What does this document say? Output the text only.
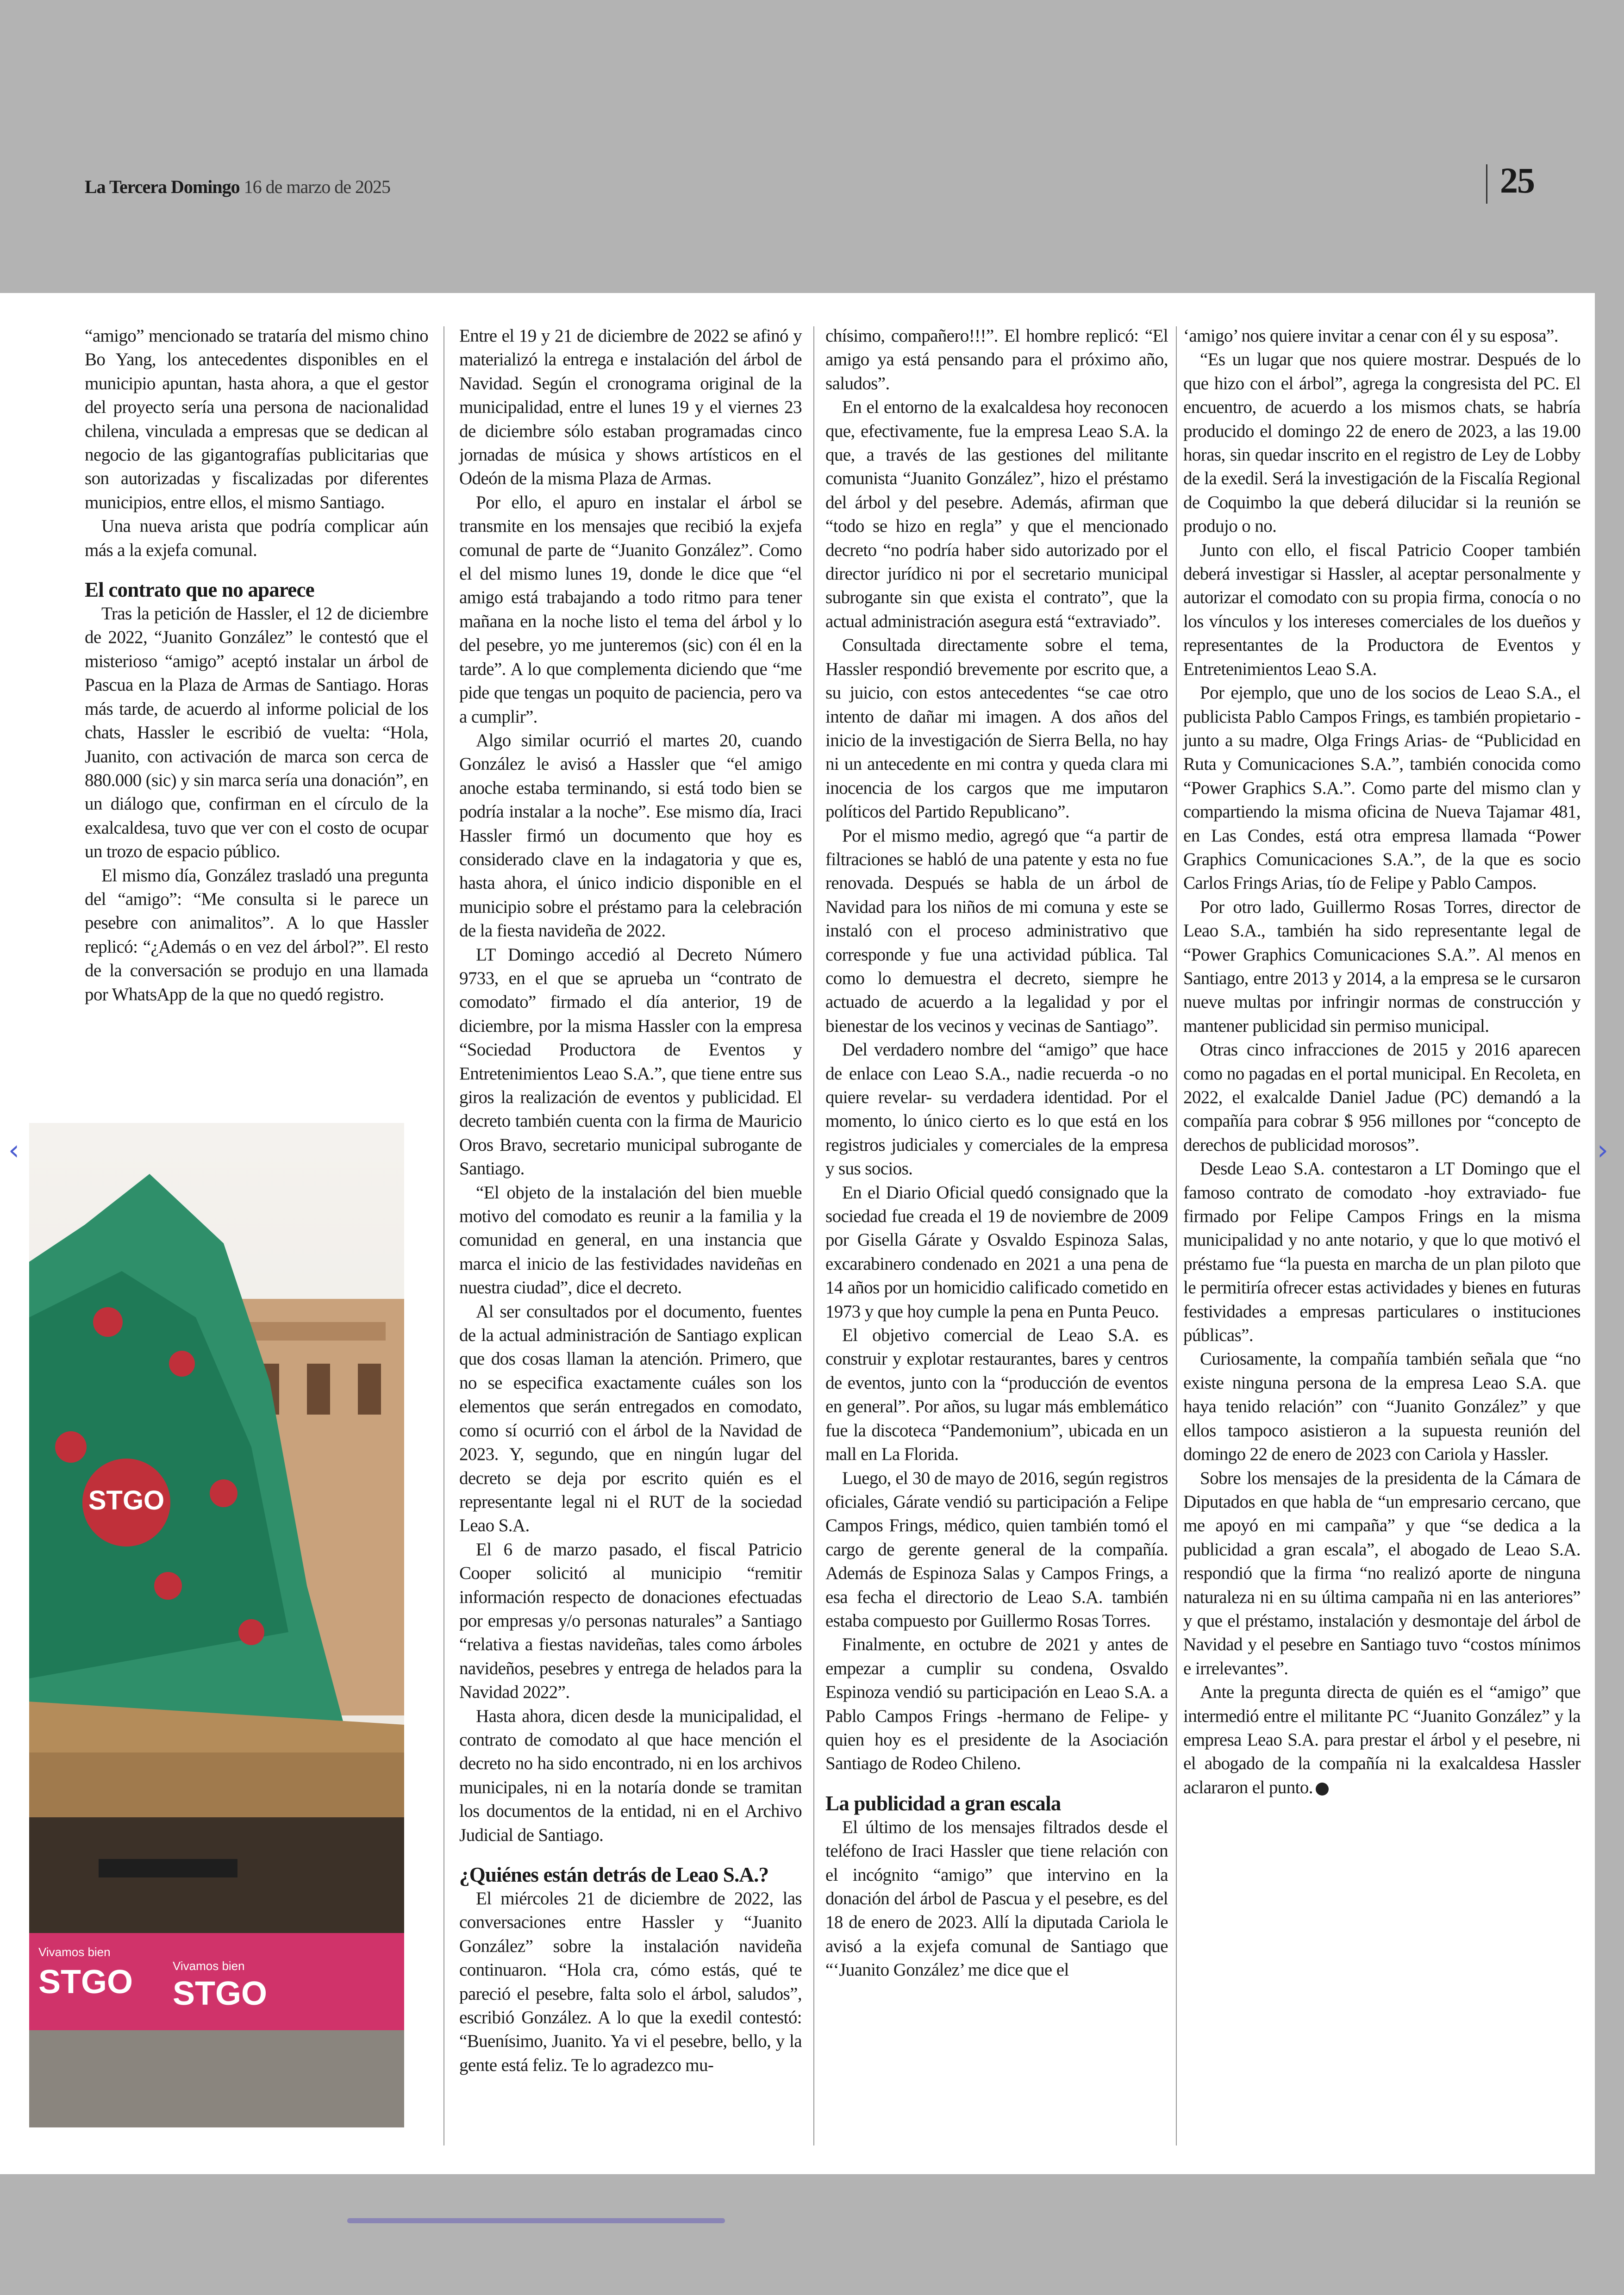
La Tercera Domingo 16 de marzo de 2025	25

“amigo” mencionado se trataría del mismo chino Bo Yang, los antecedentes disponibles en el municipio apuntan, hasta ahora, a que el gestor del proyecto sería una persona de nacionalidad chilena, vinculada a empresas que se dedican al negocio de las gigantografías publicitarias que son autorizadas y fiscalizadas por diferentes municipios, entre ellos, el mismo Santiago.

Una nueva arista que podría complicar aún más a la exjefa comunal.

El contrato que no aparece

Tras la petición de Hassler, el 12 de diciembre de 2022, “Juanito González” le contestó que el misterioso “amigo” aceptó instalar un árbol de Pascua en la Plaza de Armas de Santiago. Horas más tarde, de acuerdo al informe policial de los chats, Hassler le escribió de vuelta: “Hola, Juanito, con activación de marca son cerca de 880.000 (sic) y sin marca sería una donación”, en un diálogo que, confirman en el círculo de la exalcaldesa, tuvo que ver con el costo de ocupar un trozo de espacio público.

El mismo día, González trasladó una pregunta del “amigo”: “Me consulta si le parece un pesebre con animalitos”. A lo que Hassler replicó: “¿Además o en vez del árbol?”. El resto de la conversación se produjo en una llamada por WhatsApp de la que no quedó registro.

Entre el 19 y 21 de diciembre de 2022 se afinó y materializó la entrega e instalación del árbol de Navidad. Según el cronograma original de la municipalidad, entre el lunes 19 y el viernes 23 de diciembre sólo estaban programadas cinco jornadas de música y shows artísticos en el Odeón de la misma Plaza de Armas.

Por ello, el apuro en instalar el árbol se transmite en los mensajes que recibió la exjefa comunal de parte de “Juanito González”. Como el del mismo lunes 19, donde le dice que “el amigo está trabajando a todo ritmo para tener mañana en la noche listo el tema del árbol y lo del pesebre, yo me junteremos (sic) con él en la tarde”. A lo que complementa diciendo que “me pide que tengas un poquito de paciencia, pero va a cumplir”.

Algo similar ocurrió el martes 20, cuando González le avisó a Hassler que “el amigo anoche estaba terminando, si está todo bien se podría instalar a la noche”. Ese mismo día, Iraci Hassler firmó un documento que hoy es considerado clave en la indagatoria y que es, hasta ahora, el único indicio disponible en el municipio sobre el préstamo para la celebración de la fiesta navideña de 2022.

LT Domingo accedió al Decreto Número 9733, en el que se aprueba un “contrato de comodato” firmado el día anterior, 19 de diciembre, por la misma Hassler con la empresa “Sociedad Productora de Eventos y Entretenimientos Leao S.A.”, que tiene entre sus giros la realización de eventos y publicidad. El decreto también cuenta con la firma de Mauricio Oros Bravo, secretario municipal subrogante de Santiago.

“El objeto de la instalación del bien mueble motivo del comodato es reunir a la familia y la comunidad en general, en una instancia que marca el inicio de las festividades navideñas en nuestra ciudad”, dice el decreto.

Al ser consultados por el documento, fuentes de la actual administración de Santiago explican que dos cosas llaman la atención. Primero, que no se especifica exactamente cuáles son los elementos que serán entregados en comodato, como sí ocurrió con el árbol de la Navidad de 2023. Y, segundo, que en ningún lugar del decreto se deja por escrito quién es el representante legal ni el RUT de la sociedad Leao S.A.

El 6 de marzo pasado, el fiscal Patricio Cooper solicitó al municipio “remitir información respecto de donaciones efectuadas por empresas y/o personas naturales” a Santiago “relativa a fiestas navideñas, tales como árboles navideños, pesebres y entrega de helados para la Navidad 2022”.

Hasta ahora, dicen desde la municipalidad, el contrato de comodato al que hace mención el decreto no ha sido encontrado, ni en los archivos municipales, ni en la notaría donde se tramitan los documentos de la entidad, ni en el Archivo Judicial de Santiago.

¿Quiénes están detrás de Leao S.A.?

El miércoles 21 de diciembre de 2022, las conversaciones entre Hassler y “Juanito González” sobre la instalación navideña continuaron. “Hola cra, cómo estás, qué te pareció el pesebre, falta solo el árbol, saludos”, escribió González. A lo que la exedil contestó: “Buenísimo, Juanito. Ya vi el pesebre, bello, y la gente está feliz. Te lo agradezco mu-

chísimo, compañero!!!”. El hombre replicó: “El amigo ya está pensando para el próximo año, saludos”.

En el entorno de la exalcaldesa hoy reconocen que, efectivamente, fue la empresa Leao S.A. la que, a través de las gestiones del militante comunista “Juanito González”, hizo el préstamo del árbol y del pesebre. Además, afirman que “todo se hizo en regla” y que el mencionado decreto “no podría haber sido autorizado por el director jurídico ni por el secretario municipal subrogante sin que exista el contrato”, que la actual administración asegura está “extraviado”.

Consultada directamente sobre el tema, Hassler respondió brevemente por escrito que, a su juicio, con estos antecedentes “se cae otro intento de dañar mi imagen. A dos años del inicio de la investigación de Sierra Bella, no hay ni un antecedente en mi contra y queda clara mi inocencia de los cargos que me imputaron políticos del Partido Republicano”.

Por el mismo medio, agregó que “a partir de filtraciones se habló de una patente y esta no fue renovada. Después se habla de un árbol de Navidad para los niños de mi comuna y este se instaló con el proceso administrativo que corresponde y fue una actividad pública. Tal como lo demuestra el decreto, siempre he actuado de acuerdo a la legalidad y por el bienestar de los vecinos y vecinas de Santiago”.

Del verdadero nombre del “amigo” que hace de enlace con Leao S.A., nadie recuerda -o no quiere revelar- su verdadera identidad. Por el momento, lo único cierto es lo que está en los registros judiciales y comerciales de la empresa y sus socios.

En el Diario Oficial quedó consignado que la sociedad fue creada el 19 de noviembre de 2009 por Gisella Gárate y Osvaldo Espinoza Salas, excarabinero condenado en 2021 a una pena de 14 años por un homicidio calificado cometido en 1973 y que hoy cumple la pena en Punta Peuco.

El objetivo comercial de Leao S.A. es construir y explotar restaurantes, bares y centros de eventos, junto con la “producción de eventos en general”. Por años, su lugar más emblemático fue la discoteca “Pandemonium”, ubicada en un mall en La Florida.

Luego, el 30 de mayo de 2016, según registros oficiales, Gárate vendió su participación a Felipe Campos Frings, médico, quien también tomó el cargo de gerente general de la compañía. Además de Espinoza Salas y Campos Frings, a esa fecha el directorio de Leao S.A. también estaba compuesto por Guillermo Rosas Torres.

Finalmente, en octubre de 2021 y antes de empezar a cumplir su condena, Osvaldo Espinoza vendió su participación en Leao S.A. a Pablo Campos Frings -hermano de Felipe- y quien hoy es el presidente de la Asociación Santiago de Rodeo Chileno.

La publicidad a gran escala

El último de los mensajes filtrados desde el teléfono de Iraci Hassler que tiene relación con el incógnito “amigo” que intervino en la donación del árbol de Pascua y el pesebre, es del 18 de enero de 2023. Allí la diputada Cariola le avisó a la exjefa comunal de Santiago que “‘Juanito González’ me dice que el

‘amigo’ nos quiere invitar a cenar con él y su esposa”.

“Es un lugar que nos quiere mostrar. Después de lo que hizo con el árbol”, agrega la congresista del PC. El encuentro, de acuerdo a los mismos chats, se habría producido el domingo 22 de enero de 2023, a las 19.00 horas, sin quedar inscrito en el registro de Ley de Lobby de la exedil. Será la investigación de la Fiscalía Regional de Coquimbo la que deberá dilucidar si la reunión se produjo o no.

Junto con ello, el fiscal Patricio Cooper también deberá investigar si Hassler, al aceptar personalmente y autorizar el comodato con su propia firma, conocía o no los vínculos y los intereses comerciales de los dueños y representantes de la Productora de Eventos y Entretenimientos Leao S.A.

Por ejemplo, que uno de los socios de Leao S.A., el publicista Pablo Campos Frings, es también propietario -junto a su madre, Olga Frings Arias- de “Publicidad en Ruta y Comunicaciones S.A.”, también conocida como “Power Graphics S.A.”. Como parte del mismo clan y compartiendo la misma oficina de Nueva Tajamar 481, en Las Condes, está otra empresa llamada “Power Graphics Comunicaciones S.A.”, de la que es socio Carlos Frings Arias, tío de Felipe y Pablo Campos.

Por otro lado, Guillermo Rosas Torres, director de Leao S.A., también ha sido representante legal de “Power Graphics Comunicaciones S.A.”. Al menos en Santiago, entre 2013 y 2014, a la empresa se le cursaron nueve multas por infringir normas de construcción y mantener publicidad sin permiso municipal.

Otras cinco infracciones de 2015 y 2016 aparecen como no pagadas en el portal municipal. En Recoleta, en 2022, el exalcalde Daniel Jadue (PC) demandó a la compañía para cobrar $ 956 millones por “concepto de derechos de publicidad morosos”.

Desde Leao S.A. contestaron a LT Domingo que el famoso contrato de comodato -hoy extraviado- fue firmado por Felipe Campos Frings en la misma municipalidad y no ante notario, y que lo que motivó el préstamo fue “la puesta en marcha de un plan piloto que le permitiría ofrecer estas actividades y bienes en futuras festividades a empresas particulares o instituciones públicas”.

Curiosamente, la compañía también señala que “no existe ninguna persona de la empresa Leao S.A. que haya tenido relación” con “Juanito González” y que ellos tampoco asistieron a la supuesta reunión del domingo 22 de enero de 2023 con Cariola y Hassler.

Sobre los mensajes de la presidenta de la Cámara de Diputados en que habla de “un empresario cercano, que me apoyó en mi campaña” y que “se dedica a la publicidad a gran escala”, el abogado de Leao S.A. respondió que la firma “no realizó aporte de ninguna naturaleza ni en su última campaña ni en las anteriores” y que el préstamo, instalación y desmontaje del árbol de Navidad y el pesebre en Santiago tuvo “costos mínimos e irrelevantes”.

Ante la pregunta directa de quién es el “amigo” que intermedió entre el militante PC “Juanito González” y la empresa Leao S.A. para prestar el árbol y el pesebre, ni el abogado de la compañía ni la exalcaldesa Hassler aclararon el punto.

STGO
Vivamos bien
STGO	Vivamos bien
STGO
‹	›
